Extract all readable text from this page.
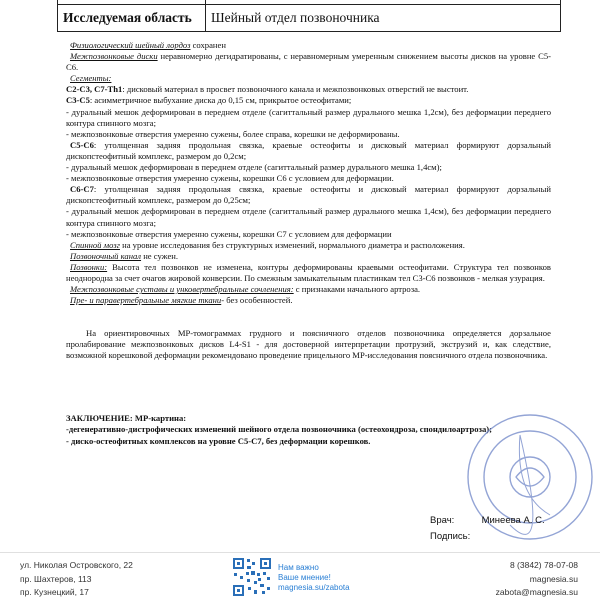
Исследуемая область	Шейный отдел позвоночника

Физиологический шейный лордоз сохранен

Межпозвонковые диски неравномерно дегидратированы, с неравномерным умеренным снижением высоты дисков на уровне С5-С6.

Сегменты:

С2-С3, С7-Th1: дисковый материал в просвет позвоночного канала и межпозвонковых отверстий не выстоит.

С3-С5: асимметричное выбухание диска до 0,15 см, прикрытое остеофитами;

- дуральный мешок деформирован в переднем отделе (сагиттальный размер дурального мешка 1,2см), без деформации переднего контура спинного мозга;

- межпозвонковые отверстия умеренно сужены, более справа, корешки не деформированы.

С5-С6: утолщенная задняя продольная связка, краевые остеофиты и дисковый материал формируют дорзальный дископстеофитный комплекс, размером до 0,2см;

- дуральный мешок деформирован в переднем отделе (сагиттальный размер дурального мешка 1,4см);

- межпозвонковые отверстия умеренно сужены, корешки С6 с условием для деформации.

С6-С7: утолщенная задняя продольная связка, краевые остеофиты и дисковый материал формируют дорзальный дископстеофитный комплекс, размером до 0,25см;

- дуральный мешок деформирован в переднем отделе (сагиттальный размер дурального мешка 1,4см), без деформации переднего контура спинного мозга;

- межпозвонковые отверстия умеренно сужены, корешки С7 с условием для деформации

Спинной мозг на уровне исследования без структурных изменений, нормального диаметра и расположения.

Позвоночный канал не сужен.

Позвонки: Высота тел позвонков не изменена, контуры деформированы краевыми остеофитами. Структура тел позвонков неоднородна за счет очагов жировой конверсии. По смежным замыкательным пластинкам тел С3-С6 позвонков - мелкая узурация.

Межпозвонковые суставы и унковертебральные сочленения: с признаками начального артроза.

Пре- и паравертебральные мягкие ткани- без особенностей.

На ориентировочных МР-томограммах грудного и поясничного отделов позвоночника определяется дорзальное пролабирование межпозвонковых дисков L4-S1 - для достоверной интерпретации протрузий, экструзий и, как следствие, возможной корешковой деформации рекомендовано проведение прицельного МР-исследования поясничного отдела позвоночника.

ЗАКЛЮЧЕНИЕ: МР-картина:

-дегенеративно-дистрофических изменений шейного отдела позвоночника (остеохондроза, спондилоартроза);

- диско-остеофитных комплексов на уровне С5-С7, без деформации корешков.

Врач:	Минеева А. С.
Подпись:
ул. Николая Островского, 22
пр. Шахтеров, 113
пр. Кузнецкий, 17
Нам важно
Ваше мнение!
magnesia.su/zabota
8 (3842) 78-07-08
magnesia.su
zabota@magnesia.su
